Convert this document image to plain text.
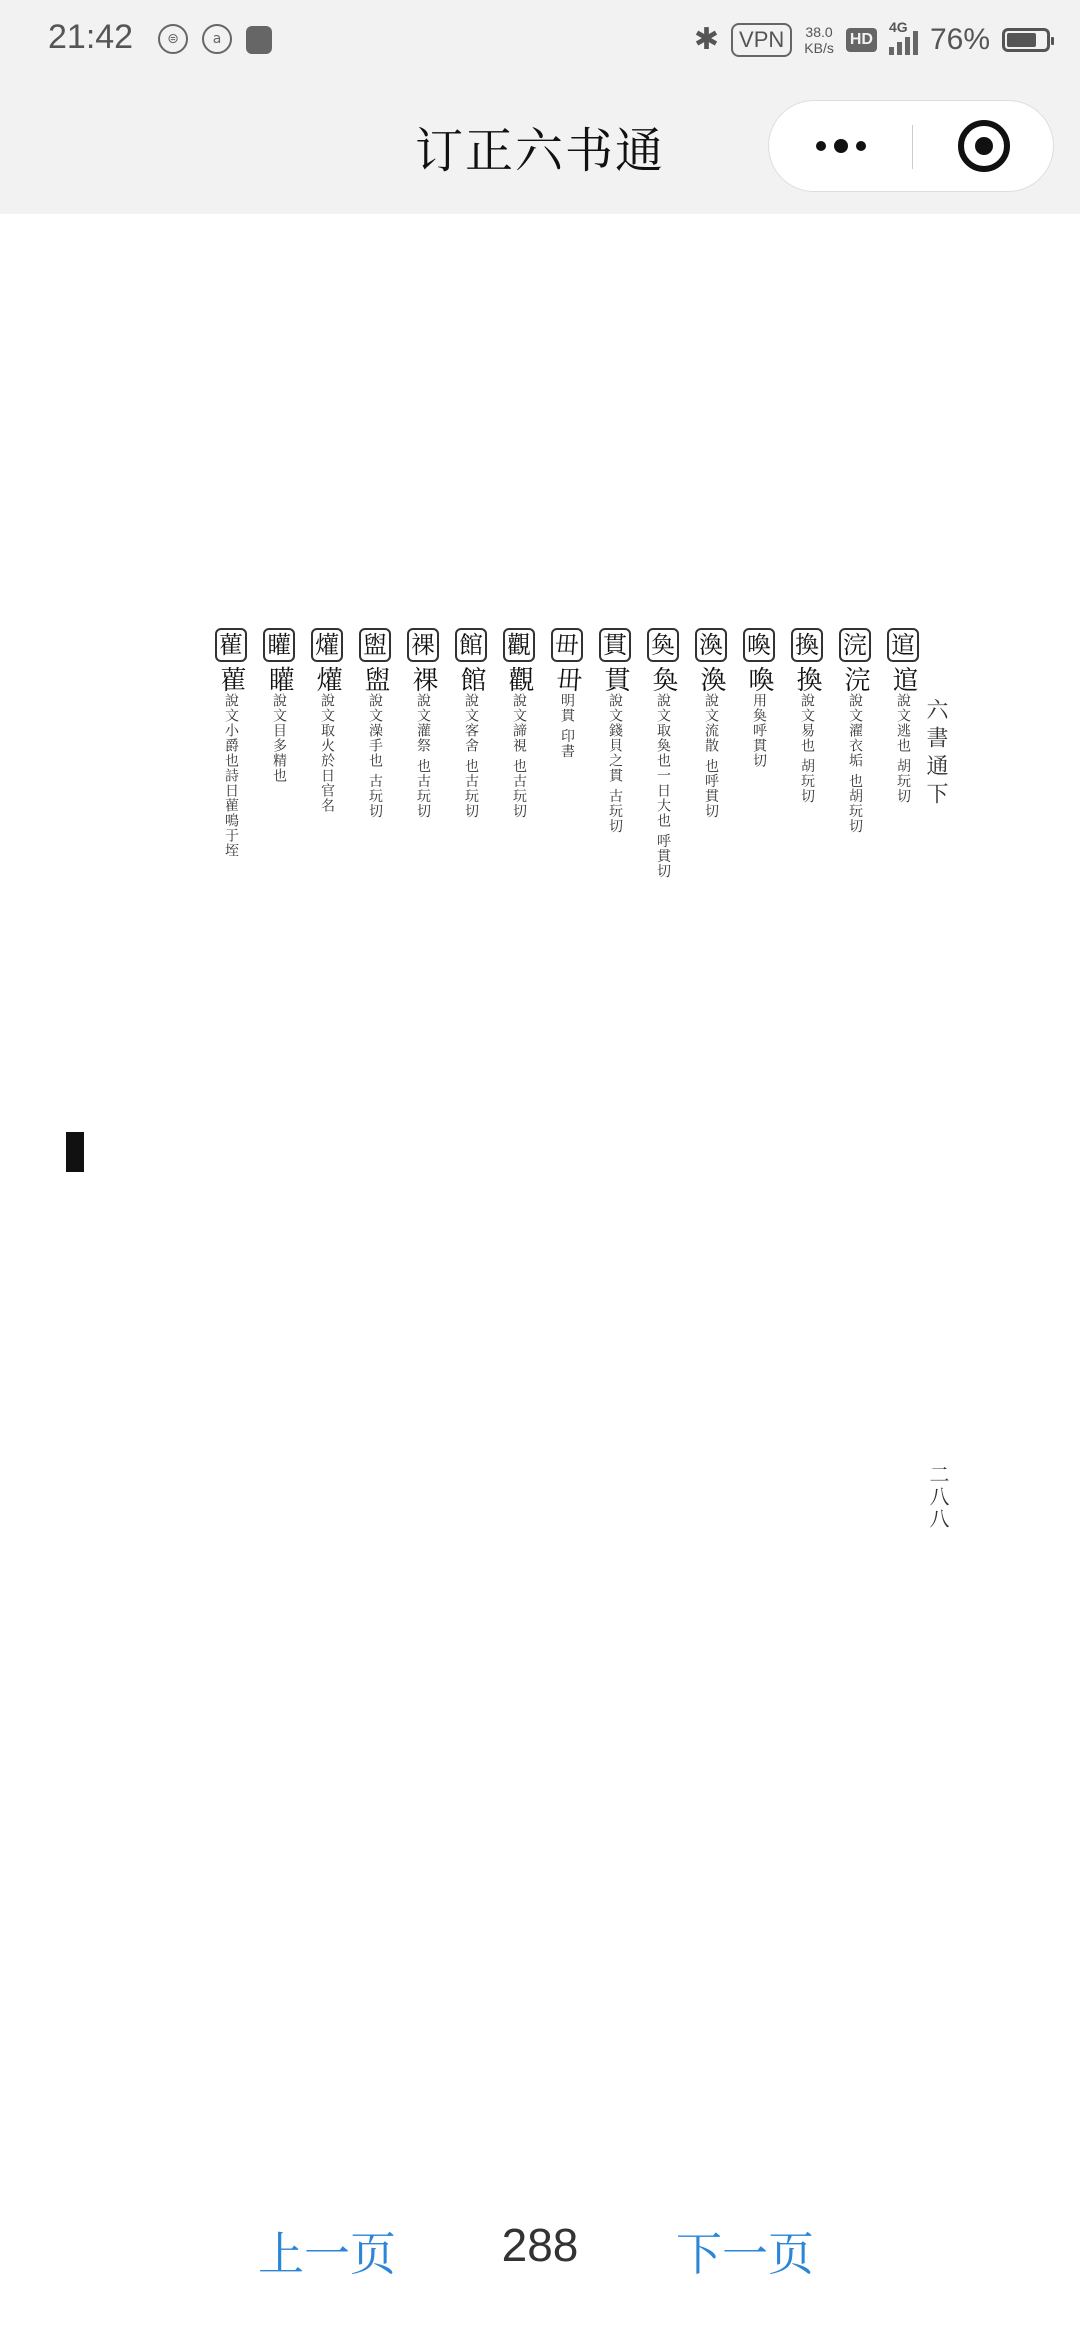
21:42	⊜	a	✱ VPN	38.0
KB/s HD
4G 76%
订正六书通
六書通下
二八八
逭
逭
說文逃也 胡玩切
浣
浣
說文濯衣垢 也胡玩切
換
換
說文易也 胡玩切
喚
喚
用奐呼貫切
渙
渙
說文流散 也呼貫切
奐
奐
說文取奐也一日大也 呼貫切
貫
貫
說文錢貝之貫 古玩切
毌
毌
明貫 印書
觀
觀
說文諦視 也古玩切
館
館
說文客舍 也古玩切
祼
祼
說文灌祭 也古玩切
盥
盥
說文澡手也 古玩切
爟
爟
說文取火於日官名
矔
矔
說文目多精也
雚
雚
說文小爵也詩日雚鳴于垤
上一页	288	下一页
